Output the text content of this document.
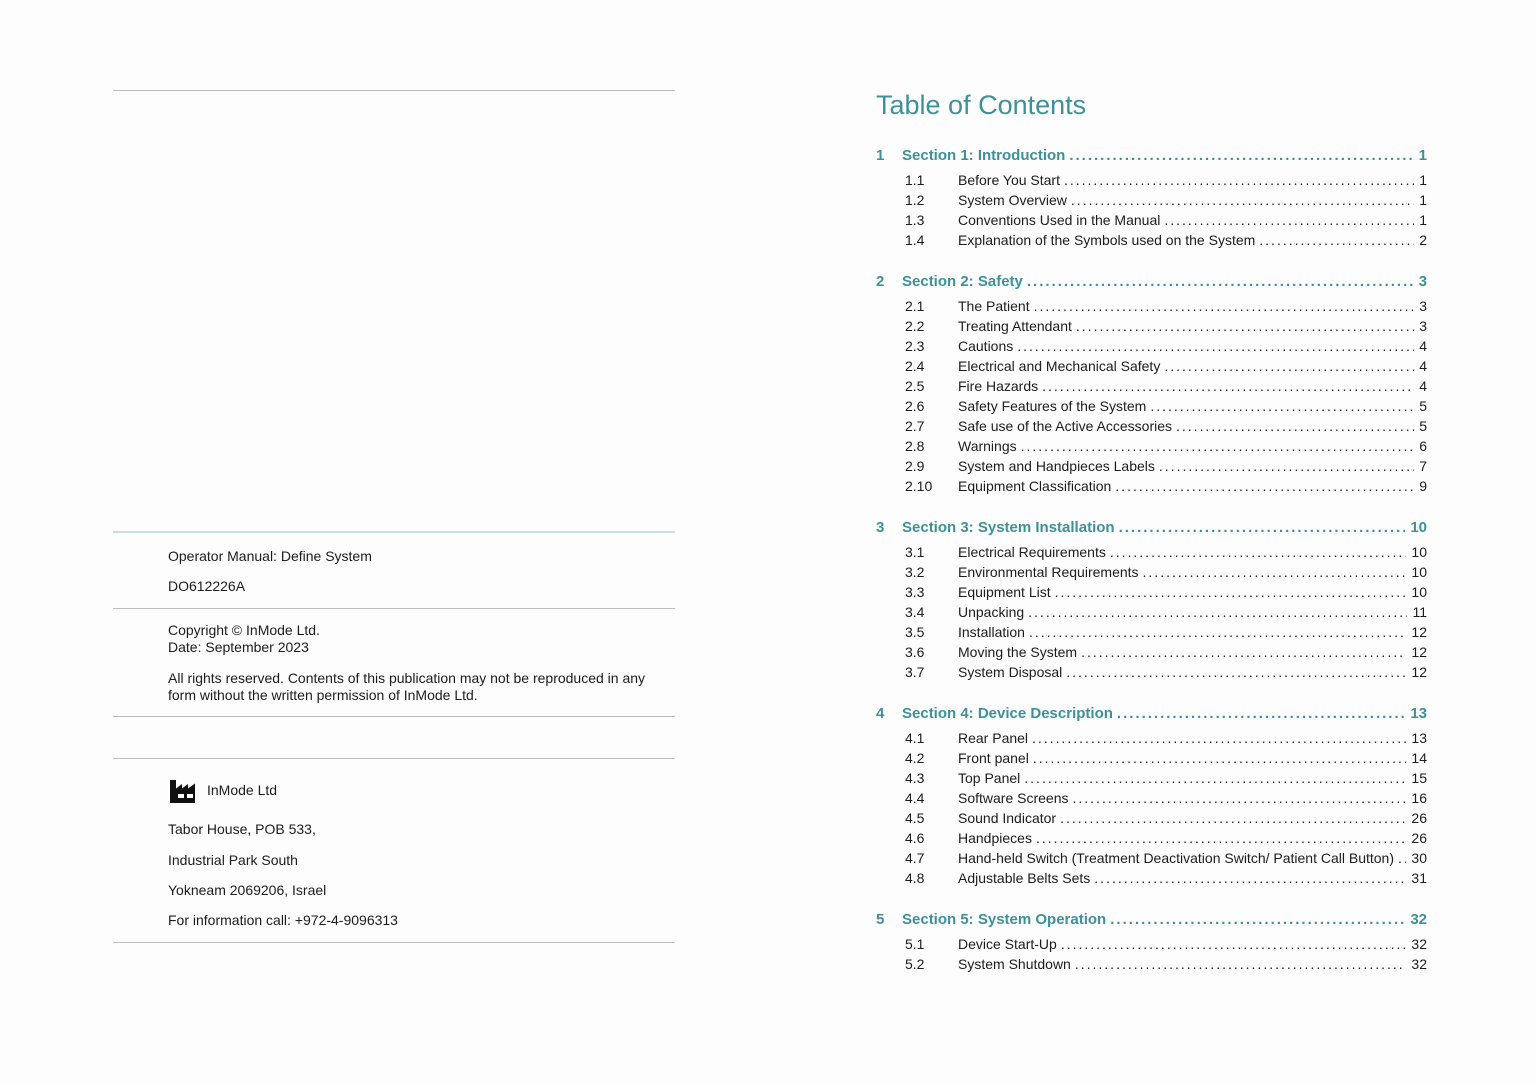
Operator Manual: Define System
DO612226A
Copyright © InMode Ltd.
Date: September 2023
All rights reserved. Contents of this publication may not be reproduced in any form without the written permission of InMode Ltd.
InMode Ltd
Tabor House, POB 533,
Industrial Park South
Yokneam 2069206, Israel
For information call: +972-4-9096313
Table of Contents
1	Section 1: Introduction .....	1
1.1	Before You Start .....	1
1.2	System Overview .....	1
1.3	Conventions Used in the Manual .....	1
1.4	Explanation of the Symbols used on the System .....	2
2	Section 2: Safety .....	3
2.1	The Patient .....	3
2.2	Treating Attendant .....	3
2.3	Cautions .....	4
2.4	Electrical and Mechanical Safety .....	4
2.5	Fire Hazards .....	4
2.6	Safety Features of the System .....	5
2.7	Safe use of the Active Accessories .....	5
2.8	Warnings .....	6
2.9	System and Handpieces Labels .....	7
2.10	Equipment Classification .....	9
3	Section 3: System Installation .....	10
3.1	Electrical Requirements .....	10
3.2	Environmental Requirements .....	10
3.3	Equipment List .....	10
3.4	Unpacking .....	11
3.5	Installation .....	12
3.6	Moving the System .....	12
3.7	System Disposal .....	12
4	Section 4: Device Description .....	13
4.1	Rear Panel .....	13
4.2	Front panel .....	14
4.3	Top Panel .....	15
4.4	Software Screens .....	16
4.5	Sound Indicator .....	26
4.6	Handpieces .....	26
4.7	Hand-held Switch (Treatment Deactivation Switch/ Patient Call Button) ..... 30
4.8	Adjustable Belts Sets .....	31
5	Section 5: System Operation .....	32
5.1	Device Start-Up .....	32
5.2	System Shutdown .....	32
